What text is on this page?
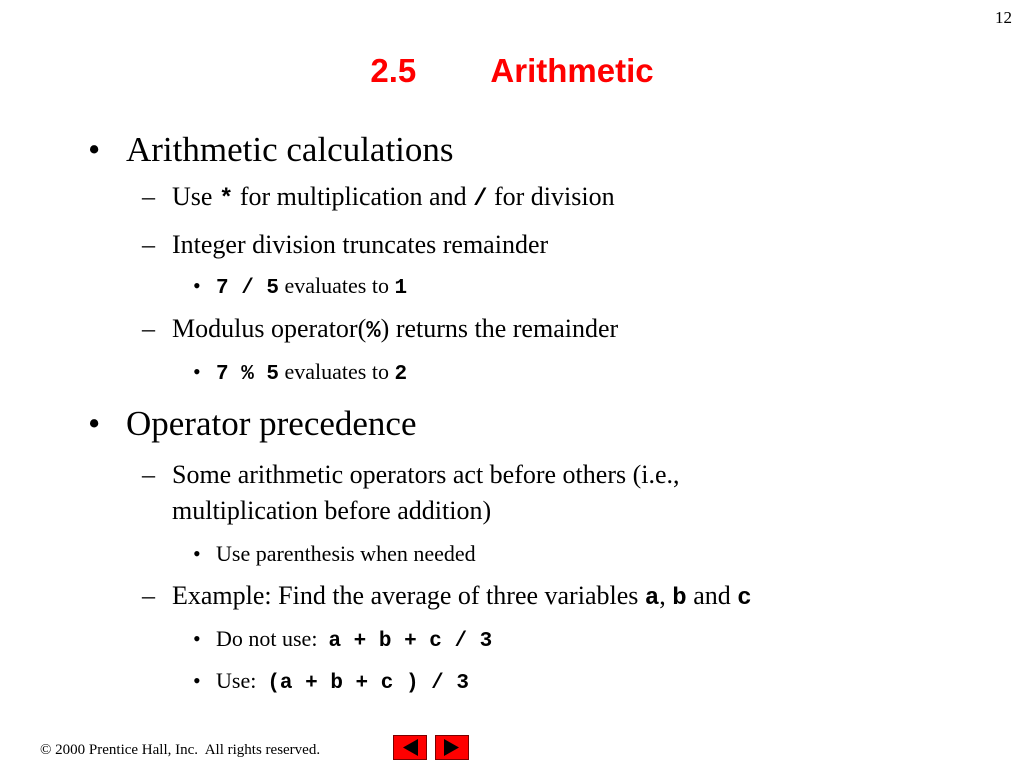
12
2.5 Arithmetic
• Arithmetic calculations
– Use * for multiplication and / for division
– Integer division truncates remainder
• 7 / 5 evaluates to 1
– Modulus operator(%) returns the remainder
• 7 % 5 evaluates to 2
• Operator precedence
– Some arithmetic operators act before others (i.e.,
multiplication before addition)
• Use parenthesis when needed
– Example: Find the average of three variables a, b and c
• Do not use:  a + b + c / 3
• Use:  (a + b + c ) / 3
© 2000 Prentice Hall, Inc.  All rights reserved.
